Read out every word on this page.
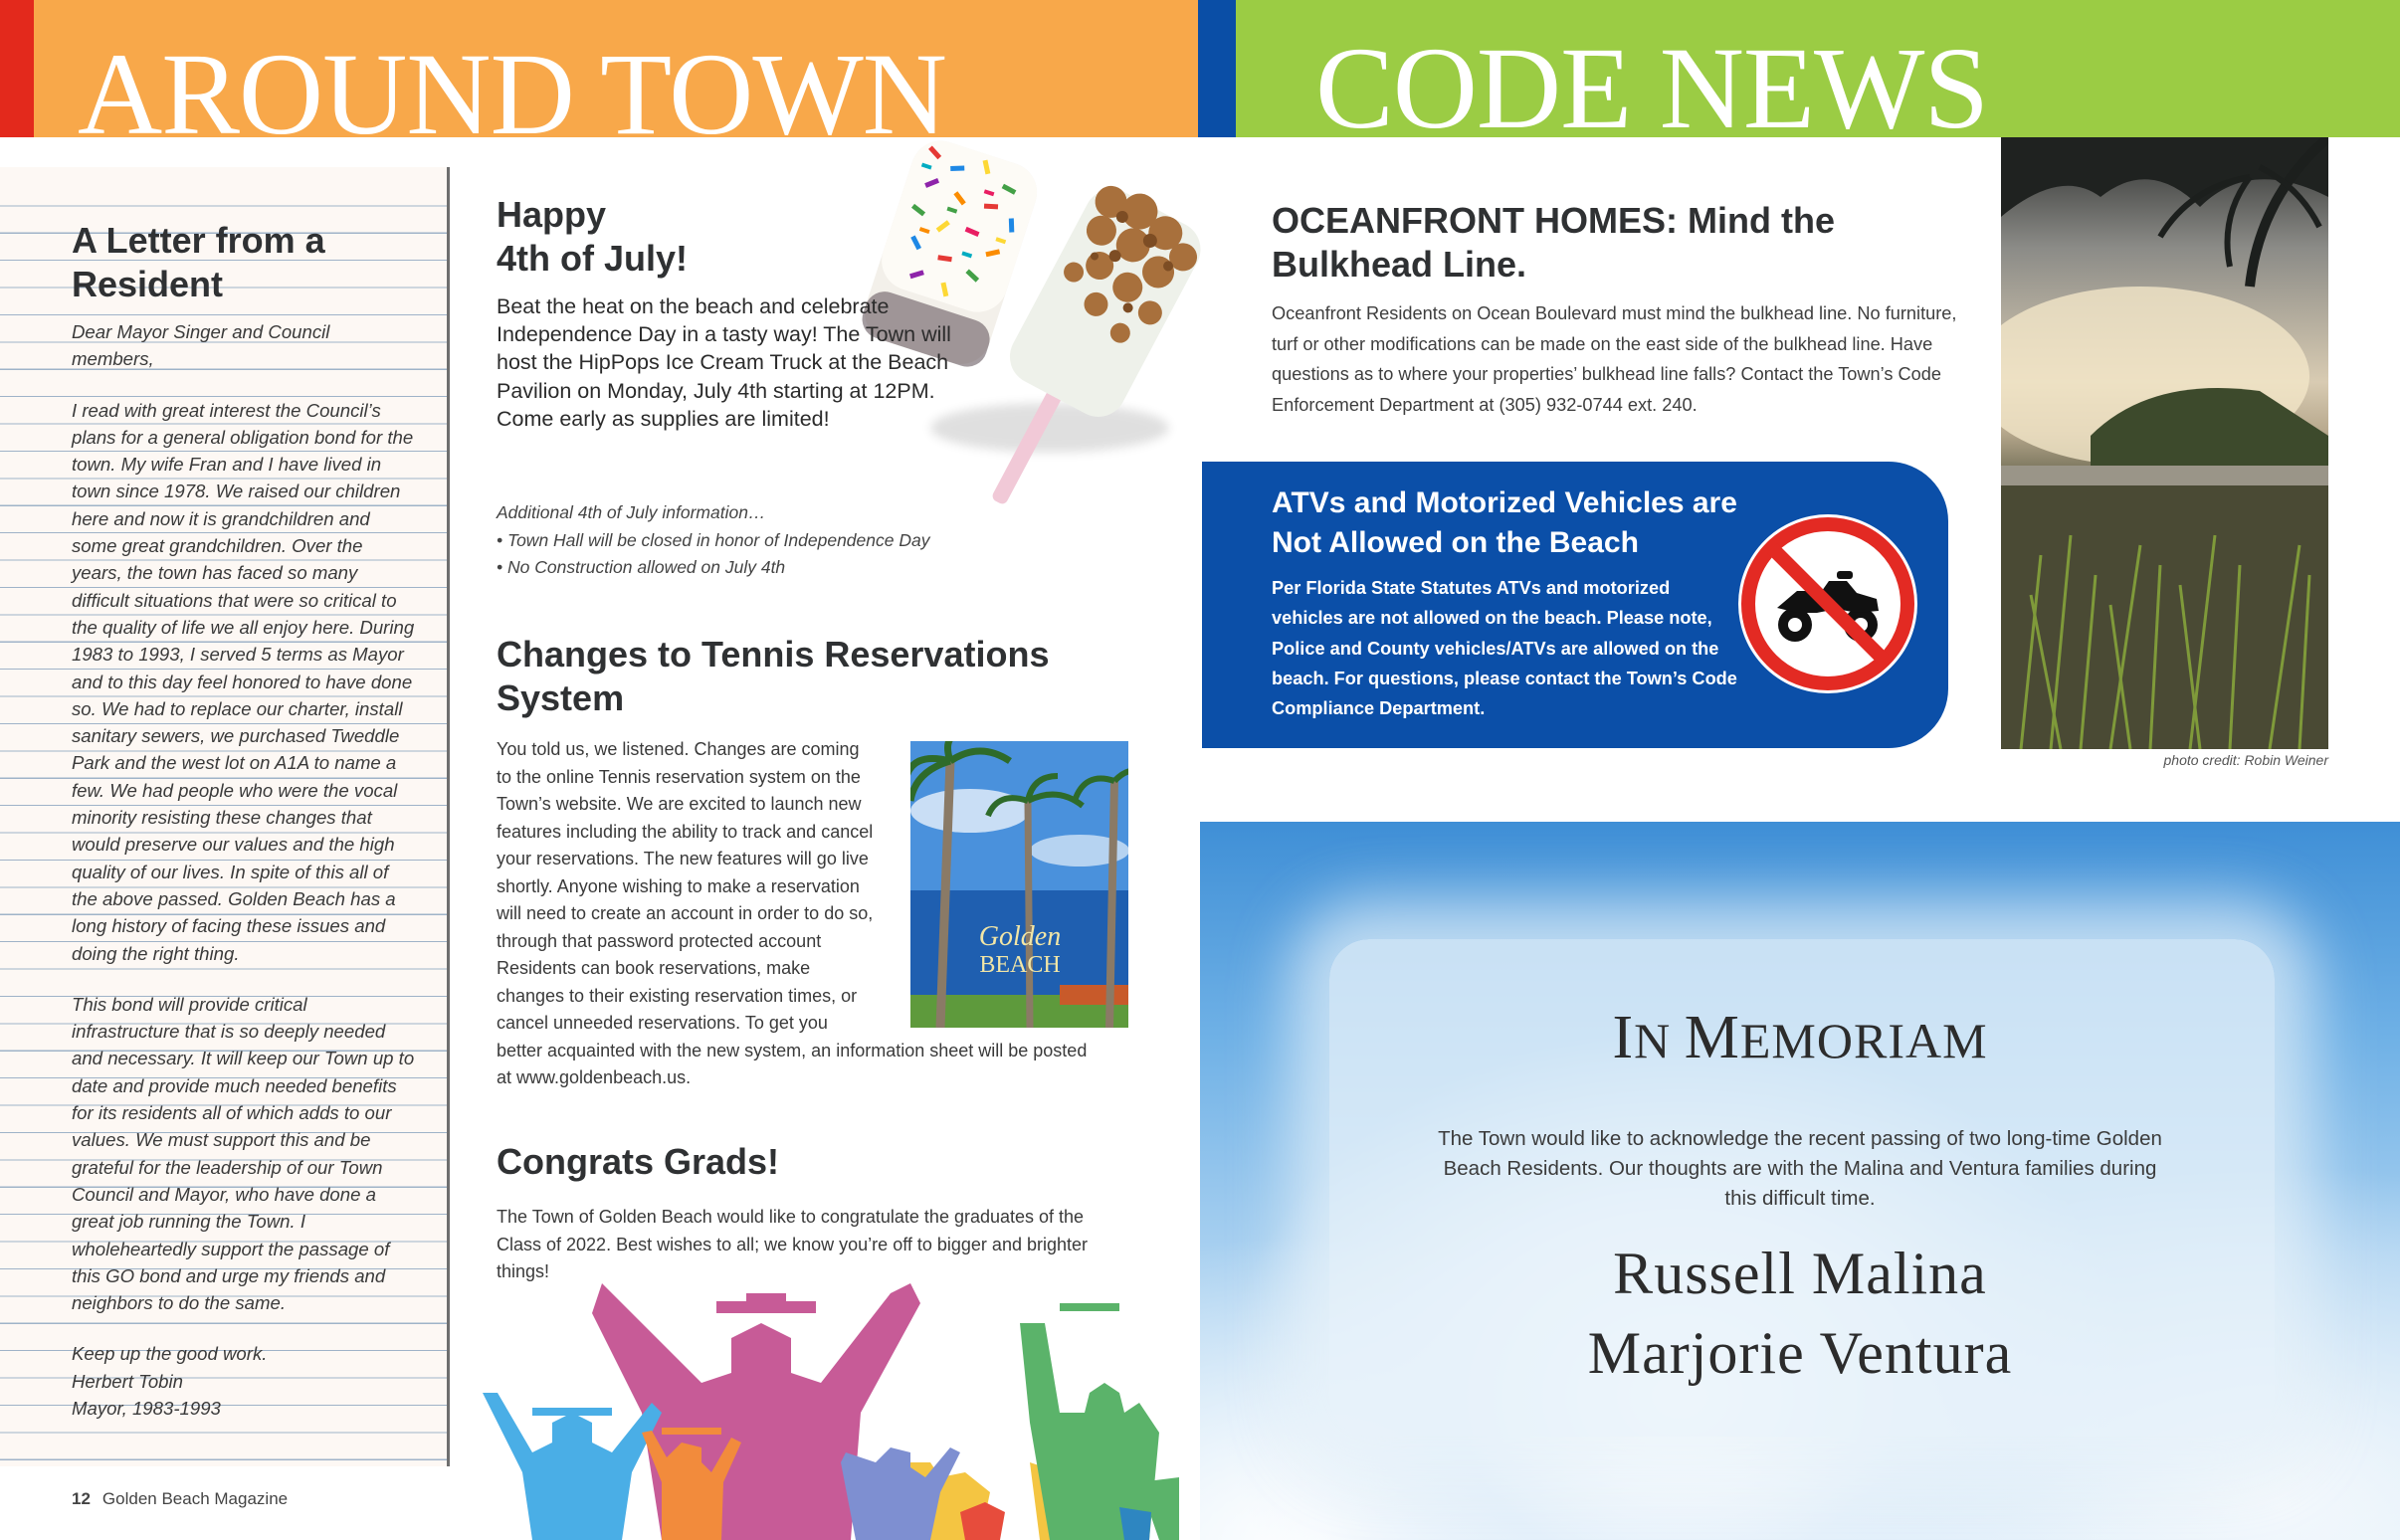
AROUND TOWN	CODE NEWS
A Letter from a Resident

Dear Mayor Singer and Council members,

I read with great interest the Council’s plans for a general obligation bond for the town. My wife Fran and I have lived in town since 1978. We raised our children here and now it is grandchildren and some great grandchildren. Over the years, the town has faced so many difficult situations that were so critical to the quality of life we all enjoy here. During 1983 to 1993, I served 5 terms as Mayor and to this day feel honored to have done so. We had to replace our charter, install sanitary sewers, we purchased Tweddle Park and the west lot on A1A to name a few. We had people who were the vocal minority resisting these changes that would preserve our values and the high quality of our lives. In spite of this all of the above passed. Golden Beach has a long history of facing these issues and doing the right thing.

This bond will provide critical infrastructure that is so deeply needed and necessary. It will keep our Town up to date and provide much needed benefits for its residents all of which adds to our values. We must support this and be grateful for the leadership of our Town Council and Mayor, who have done a great job running the Town. I wholeheartedly support the passage of this GO bond and urge my friends and neighbors to do the same.

Keep up the good work.
Herbert Tobin
Mayor, 1983-1993

12 Golden Beach Magazine
Happy
4th of July!
Beat the heat on the beach and celebrate Independence Day in a tasty way! The Town will host the HipPops Ice Cream Truck at the Beach Pavilion on Monday, July 4th starting at 12PM. Come early as supplies are limited!
Additional 4th of July information…
• Town Hall will be closed in honor of Independence Day
• No Construction allowed on July 4th
Changes to Tennis Reservations System
You told us, we listened. Changes are coming to the online Tennis reservation system on the Town’s website. We are excited to launch new features including the ability to track and cancel your reservations. The new features will go live shortly. Anyone wishing to make a reservation will need to create an account in order to do so, through that password protected account Residents can book reservations, make changes to their existing reservation times, or cancel unneeded reservations. To get you better acquainted with the new system, an information sheet will be posted at www.goldenbeach.us.
Golden
BEACH
Congrats Grads!
The Town of Golden Beach would like to congratulate the graduates of the Class of 2022. Best wishes to all; we know you’re off to bigger and brighter things!
OCEANFRONT HOMES: Mind the Bulkhead Line.
Oceanfront Residents on Ocean Boulevard must mind the bulkhead line. No furniture, turf or other modifications can be made on the east side of the bulkhead line. Have questions as to where your properties’ bulkhead line falls? Contact the Town’s Code Enforcement Department at (305) 932-0744 ext. 240.
photo credit: Robin Weiner
ATVs and Motorized Vehicles are Not Allowed on the Beach
Per Florida State Statutes ATVs and motorized vehicles are not allowed on the beach. Please note, Police and County vehicles/ATVs are allowed on the beach. For questions, please contact the Town’s Code Compliance Department.
IN MEMORIAM
The Town would like to acknowledge the recent passing of two long-time Golden Beach Residents. Our thoughts are with the Malina and Ventura families during this difficult time.
Russell Malina
Marjorie Ventura
